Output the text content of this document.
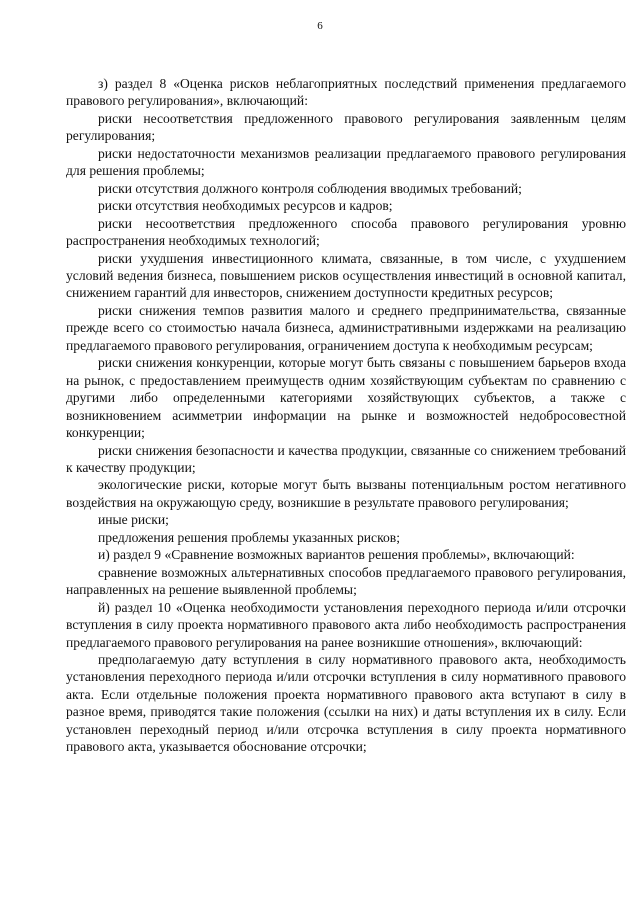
6

з) раздел 8 «Оценка рисков неблагоприятных последствий применения предлагаемого правового регулирования», включающий:

риски несоответствия предложенного правового регулирования заявленным целям регулирования;

риски недостаточности механизмов реализации предлагаемого правового регулирования для решения проблемы;

риски отсутствия должного контроля соблюдения вводимых требований;

риски отсутствия необходимых ресурсов и кадров;

риски несоответствия предложенного способа правового регулирования уровню распространения необходимых технологий;

риски ухудшения инвестиционного климата, связанные, в том числе, с ухудшением условий ведения бизнеса, повышением рисков осуществления инвестиций в основной капитал, снижением гарантий для инвесторов, снижением доступности кредитных ресурсов;

риски снижения темпов развития малого и среднего предпринимательства, связанные прежде всего со стоимостью начала бизнеса, административными издержками на реализацию предлагаемого правового регулирования, ограничением доступа к необходимым ресурсам;

риски снижения конкуренции, которые могут быть связаны с повышением барьеров входа на рынок, с предоставлением преимуществ одним хозяйствующим субъектам по сравнению с другими либо определенными категориями хозяйствующих субъектов, а также с возникновением асимметрии информации на рынке и возможностей недобросовестной конкуренции;

риски снижения безопасности и качества продукции, связанные со снижением требований к качеству продукции;

экологические риски, которые могут быть вызваны потенциальным ростом негативного воздействия на окружающую среду, возникшие в результате правового регулирования;

иные риски;

предложения решения проблемы указанных рисков;

и) раздел 9 «Сравнение возможных вариантов решения проблемы», включающий:

сравнение возможных альтернативных способов предлагаемого правового регулирования, направленных на решение выявленной проблемы;

й) раздел 10 «Оценка необходимости установления переходного периода и/или отсрочки вступления в силу проекта нормативного правового акта либо необходимость распространения предлагаемого правового регулирования на ранее возникшие отношения», включающий:

предполагаемую дату вступления в силу нормативного правового акта, необходимость установления переходного периода и/или отсрочки вступления в силу нормативного правового акта. Если отдельные положения проекта нормативного правового акта вступают в силу в разное время, приводятся такие положения (ссылки на них) и даты вступления их в силу. Если установлен переходный период и/или отсрочка вступления в силу проекта нормативного правового акта, указывается обоснование отсрочки;
